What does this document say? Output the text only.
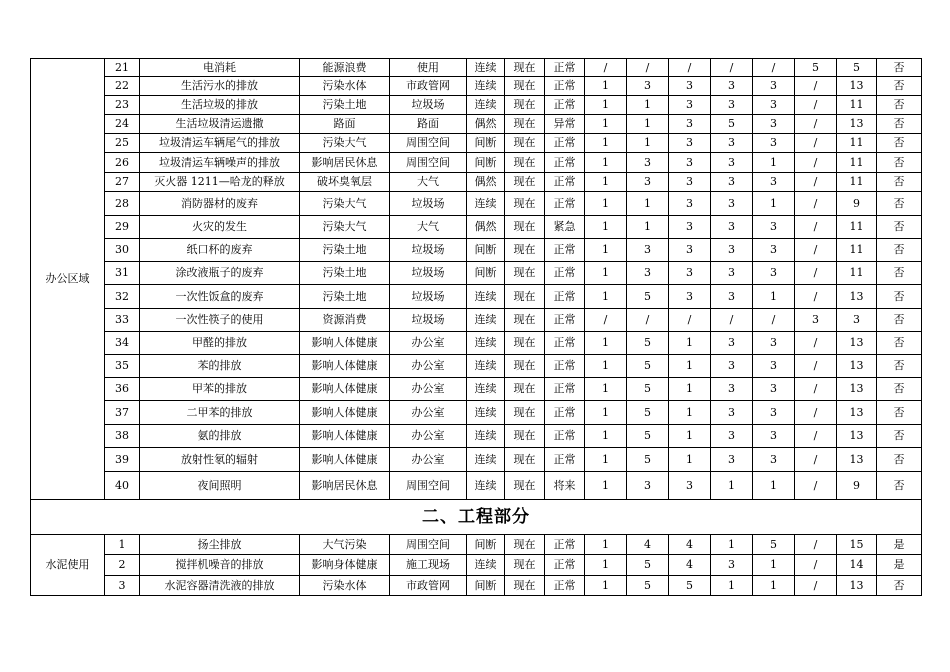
办公区域	21	电消耗	能源浪费	使用	连续	现在	正常	/	/	/	/	/	5	5	否
	22	生活污水的排放	污染水体	市政管网	连续	现在	正常	1	3	3	3	3	/	13	否
	23	生活垃圾的排放	污染土地	垃圾场	连续	现在	正常	1	1	3	3	3	/	11	否
	24	生活垃圾清运遗撒	路面	路面	偶然	现在	异常	1	1	3	5	3	/	13	否
	25	垃圾清运车辆尾气的排放	污染大气	周围空间	间断	现在	正常	1	1	3	3	3	/	11	否
	26	垃圾清运车辆噪声的排放	影响居民休息	周围空间	间断	现在	正常	1	3	3	3	1	/	11	否
	27	灭火器 1211—哈龙的释放	破坏臭氧层	大气	偶然	现在	正常	1	3	3	3	3	/	11	否
	28	消防器材的废弃	污染大气	垃圾场	连续	现在	正常	1	1	3	3	1	/	9	否
	29	火灾的发生	污染大气	大气	偶然	现在	紧急	1	1	3	3	3	/	11	否
	30	纸口杯的废弃	污染土地	垃圾场	间断	现在	正常	1	3	3	3	3	/	11	否
	31	涂改液瓶子的废弃	污染土地	垃圾场	间断	现在	正常	1	3	3	3	3	/	11	否
	32	一次性饭盒的废弃	污染土地	垃圾场	连续	现在	正常	1	5	3	3	1	/	13	否
	33	一次性筷子的使用	资源消费	垃圾场	连续	现在	正常	/	/	/	/	/	3	3	否
	34	甲醛的排放	影响人体健康	办公室	连续	现在	正常	1	5	1	3	3	/	13	否
	35	苯的排放	影响人体健康	办公室	连续	现在	正常	1	5	1	3	3	/	13	否
	36	甲苯的排放	影响人体健康	办公室	连续	现在	正常	1	5	1	3	3	/	13	否
	37	二甲苯的排放	影响人体健康	办公室	连续	现在	正常	1	5	1	3	3	/	13	否
	38	氨的排放	影响人体健康	办公室	连续	现在	正常	1	5	1	3	3	/	13	否
	39	放射性氡的辐射	影响人体健康	办公室	连续	现在	正常	1	5	1	3	3	/	13	否
	40	夜间照明	影响居民休息	周围空间	连续	现在	将来	1	3	3	1	1	/	9	否
二、工程部分															
水泥使用	1	扬尘排放	大气污染	周围空间	间断	现在	正常	1	4	4	1	5	/	15	是
	2	搅拌机噪音的排放	影响身体健康	施工现场	连续	现在	正常	1	5	4	3	1	/	14	是
	3	水泥容器清洗液的排放	污染水体	市政管网	间断	现在	正常	1	5	5	1	1	/	13	否
